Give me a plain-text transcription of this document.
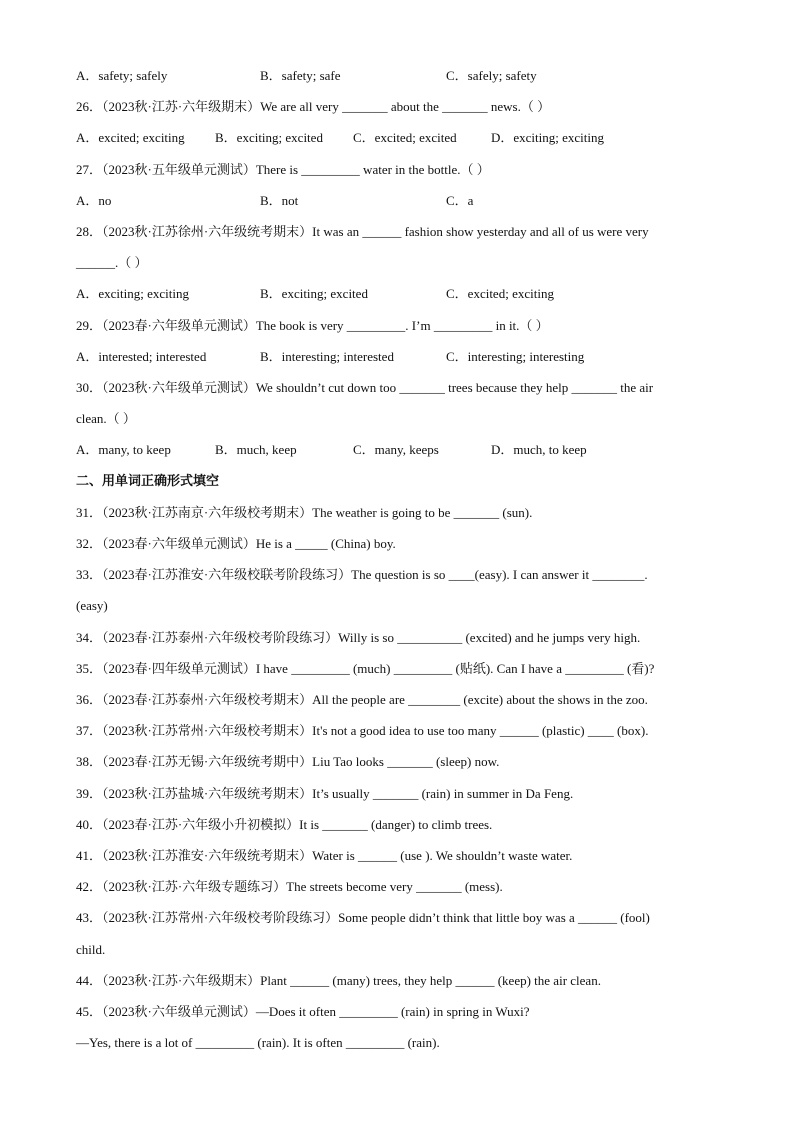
A．safety; safely	B．safety; safe	C．safely; safety
26．（2023秋·江苏·六年级期末）We are all very _______ about the _______ news.（ ）
A．excited; exciting B．exciting; excited C．excited; excited	D．exciting; exciting
27．（2023秋·五年级单元测试）There is _________ water in the bottle.（ ）
A．no	B．not	C．a
28．（2023秋·江苏徐州·六年级统考期末）It was an ______ fashion show yesterday and all of us were very
______.（ ）
A．exciting; exciting	B．exciting; excited	C．excited; exciting
29．（2023春·六年级单元测试）The book is very _________. I’m _________ in it.（ ）
A．interested; interested	B．interesting; interested	C．interesting; interesting
30．（2023秋·六年级单元测试）We shouldn’t cut down too _______ trees because they help _______ the air
clean.（ ）
A．many, to keep	B．much, keep	C．many, keeps	D．much, to keep
二、用单词正确形式填空
31．（2023秋·江苏南京·六年级校考期末）The weather is going to be _______ (sun).
32．（2023春·六年级单元测试）He is a _____ (China) boy.
33．（2023春·江苏淮安·六年级校联考阶段练习）The question is so ____(easy). I can answer it ________.
(easy)
34．（2023春·江苏泰州·六年级校考阶段练习）Willy is so __________ (excited) and he jumps very high.
35．（2023春·四年级单元测试）I have _________ (much) _________ (贴纸). Can I have a _________ (看)?
36．（2023春·江苏泰州·六年级校考期末）All the people are ________ (excite) about the shows in the zoo.
37．（2023秋·江苏常州·六年级校考期末）It's not a good idea to use too many ______ (plastic) ____ (box).
38．（2023春·江苏无锡·六年级统考期中）Liu Tao looks _______ (sleep) now.
39．（2023秋·江苏盐城·六年级统考期末）It’s usually _______ (rain) in summer in Da Feng.
40．（2023春·江苏·六年级小升初模拟）It is _______ (danger) to climb trees.
41．（2023秋·江苏淮安·六年级统考期末）Water is ______ (use ). We shouldn’t waste water.
42．（2023秋·江苏·六年级专题练习）The streets become very _______ (mess).
43．（2023秋·江苏常州·六年级校考阶段练习）Some people didn’t think that little boy was a ______ (fool)
child.
44．（2023秋·江苏·六年级期末）Plant ______ (many) trees, they help ______ (keep) the air clean.
45．（2023秋·六年级单元测试）—Does it often _________ (rain) in spring in Wuxi?
—Yes, there is a lot of _________ (rain). It is often _________ (rain).
